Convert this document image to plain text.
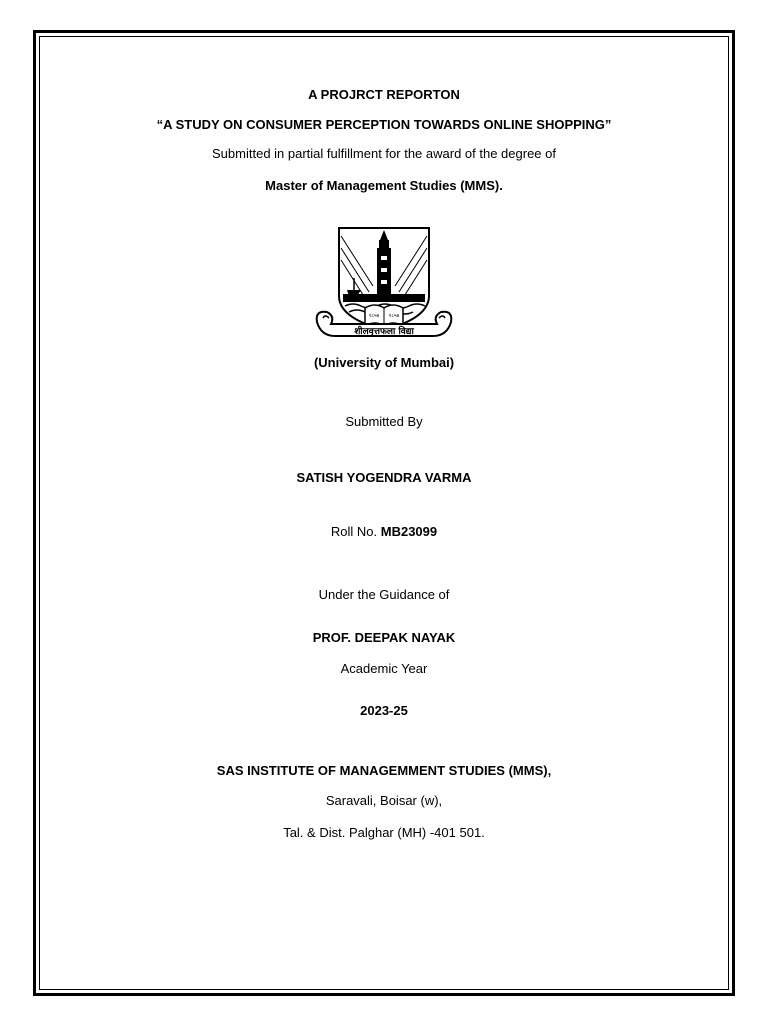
A PROJRCT REPORTON
“A STUDY ON CONSUMER PERCEPTION TOWARDS ONLINE SHOPPING”
Submitted in partial fulfillment for the award of the degree of
Master of Management Studies (MMS).
१८५७ १८५७
शीलवृत्तफला विद्या
(University of Mumbai)
Submitted By
SATISH YOGENDRA VARMA
Roll No. MB23099
Under the Guidance of
PROF. DEEPAK NAYAK
Academic Year
2023-25
SAS INSTITUTE OF MANAGEMMENT STUDIES (MMS),
Saravali, Boisar (w),
Tal. & Dist. Palghar (MH) -401 501.
